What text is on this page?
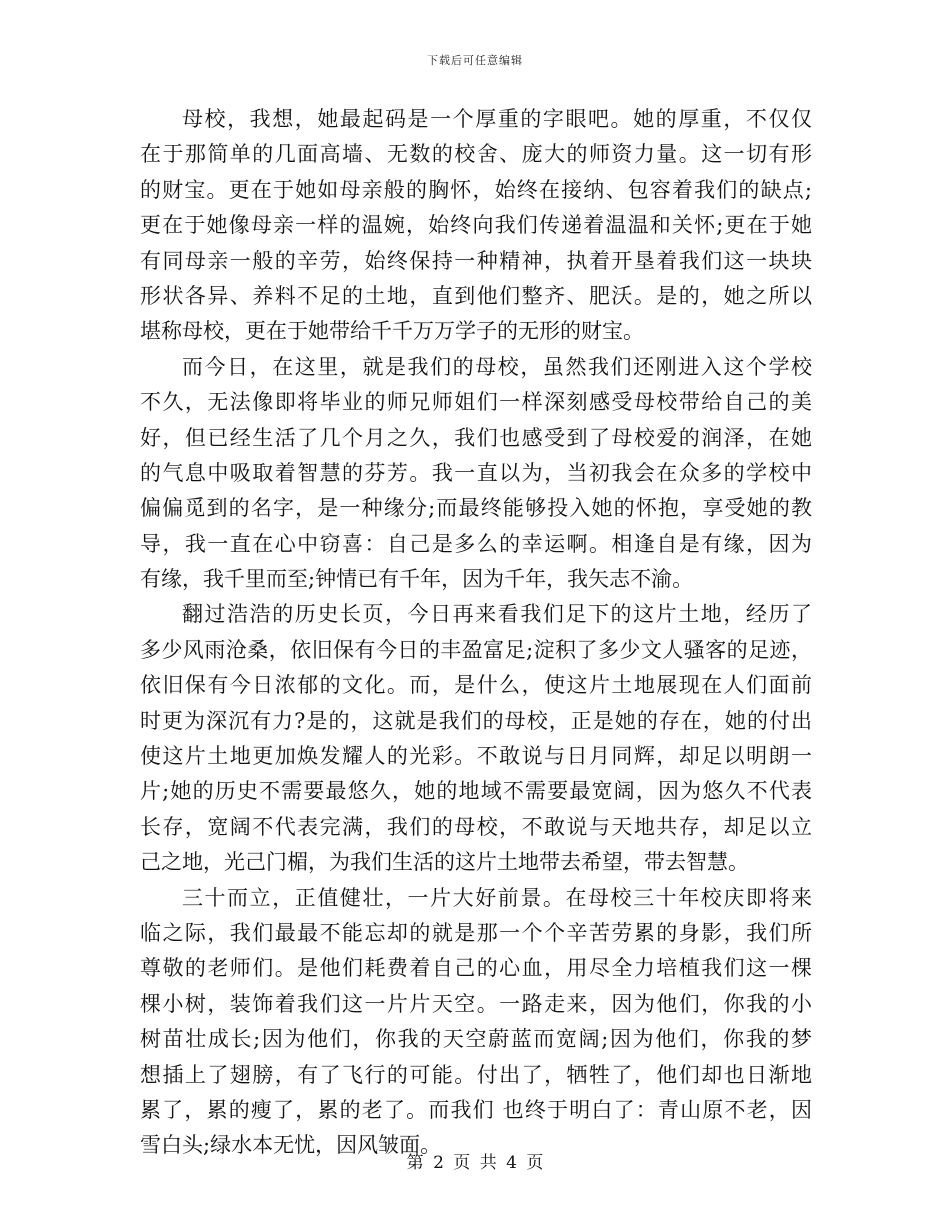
下载后可任意编辑
母校，我想，她最起码是一个厚重的字眼吧。她的厚重，不仅仅
在于那简单的几面高墙、无数的校舍、庞大的师资力量。这一切有形
的财宝。更在于她如母亲般的胸怀，始终在接纳、包容着我们的缺点;
更在于她像母亲一样的温婉，始终向我们传递着温温和关怀;更在于她
有同母亲一般的辛劳，始终保持一种精神，执着开垦着我们这一块块
形状各异、养料不足的土地，直到他们整齐、肥沃。是的，她之所以
堪称母校，更在于她带给千千万万学子的无形的财宝。
而今日，在这里，就是我们的母校，虽然我们还刚进入这个学校
不久，无法像即将毕业的师兄师姐们一样深刻感受母校带给自己的美
好，但已经生活了几个月之久，我们也感受到了母校爱的润泽，在她
的气息中吸取着智慧的芬芳。我一直以为，当初我会在众多的学校中
偏偏觅到的名字，是一种缘分;而最终能够投入她的怀抱，享受她的教
导，我一直在心中窃喜：自己是多么的幸运啊。相逢自是有缘，因为
有缘，我千里而至;钟情已有千年，因为千年，我矢志不渝。
翻过浩浩的历史长页，今日再来看我们足下的这片土地，经历了
多少风雨沧桑，依旧保有今日的丰盈富足;淀积了多少文人骚客的足迹，
依旧保有今日浓郁的文化。而，是什么，使这片土地展现在人们面前
时更为深沉有力?是的，这就是我们的母校，正是她的存在，她的付出
使这片土地更加焕发耀人的光彩。不敢说与日月同辉，却足以明朗一
片;她的历史不需要最悠久，她的地域不需要最宽阔，因为悠久不代表
长存，宽阔不代表完满，我们的母校，不敢说与天地共存，却足以立
己之地，光己门楣，为我们生活的这片土地带去希望，带去智慧。
三十而立，正值健壮，一片大好前景。在母校三十年校庆即将来
临之际，我们最最不能忘却的就是那一个个辛苦劳累的身影，我们所
尊敬的老师们。是他们耗费着自己的心血，用尽全力培植我们这一棵
棵小树，装饰着我们这一片片天空。一路走来，因为他们，你我的小
树苗壮成长;因为他们，你我的天空蔚蓝而宽阔;因为他们，你我的梦
想插上了翅膀，有了飞行的可能。付出了，牺牲了，他们却也日渐地
累了，累的瘦了，累的老了。而我们 也终于明白了：青山原不老，因
雪白头;绿水本无忧，因风皱面。
第 2 页 共 4 页
